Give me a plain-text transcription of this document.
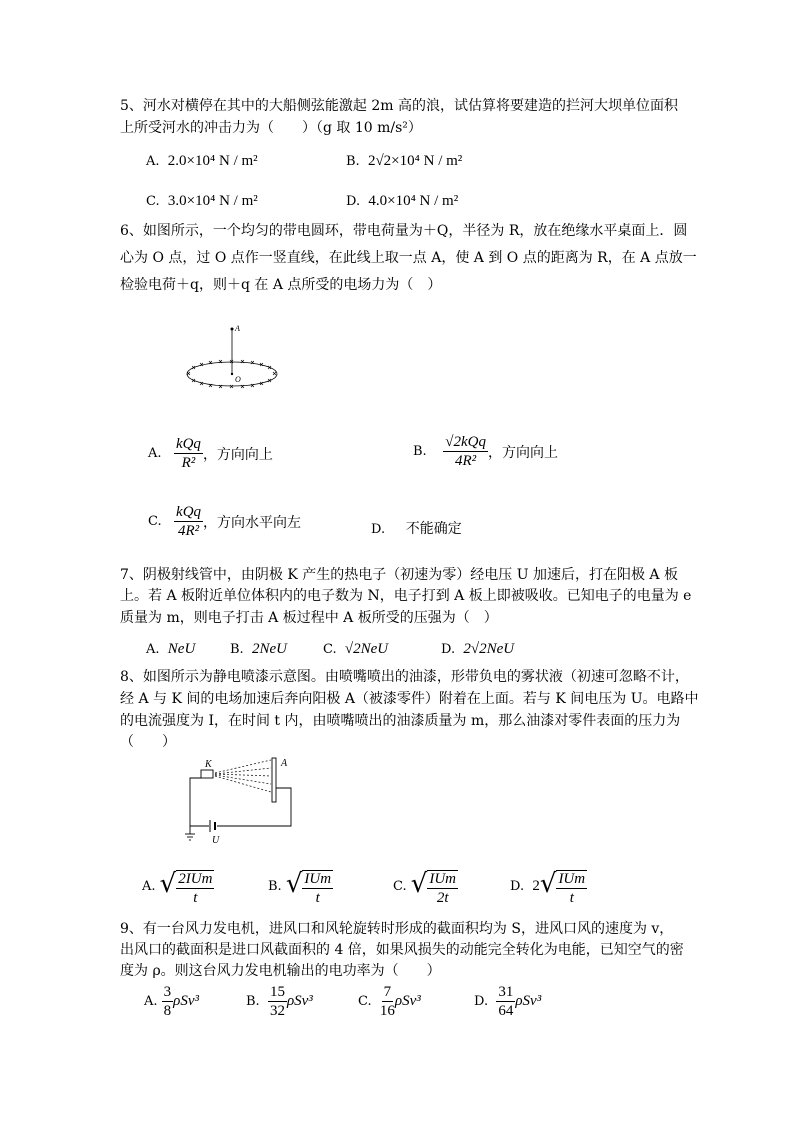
5、河水对横停在其中的大船侧弦能激起 2m 高的浪，试估算将要建造的拦河大坝单位面积
上所受河水的冲击力为（　　）（g 取 10 m/s²）
A. 2.0×10⁴ N / m²	B. 2√2×10⁴ N / m²
C. 3.0×10⁴ N / m²	D. 4.0×10⁴ N / m²
6、如图所示，一个均匀的带电圆环，带电荷量为＋Q，半径为 R，放在绝缘水平桌面上．圆
心为 O 点，过 O 点作一竖直线，在此线上取一点 A，使 A 到 O 点的距离为 R，在 A 点放一
检验电荷＋q，则＋q 在 A 点所受的电场力为（　）
A
O
A.
$\frac{\text{kQq}}{\text{R²}}$ ，方向向上	B.
$\frac{\text{√2kQq}}{\text{4R²}}$ ，方向向上
C.
$\frac{\text{kQq}}{\text{4R²}}$ ，方向水平向左	D. 不能确定
7、阴极射线管中，由阴极 K 产生的热电子（初速为零）经电压 U 加速后，打在阳极 A 板
上。若 A 板附近单位体积内的电子数为 N，电子打到 A 板上即被吸收。已知电子的电量为 e
质量为 m，则电子打击 A 板过程中 A 板所受的压强为（　）
A. NeU	B. 2NeU	C. √2NeU	D. 2√2NeU
8、如图所示为静电喷漆示意图。由喷嘴喷出的油漆，形带负电的雾状液（初速可忽略不计，
经 A 与 K 间的电场加速后奔向阳极 A（被漆零件）附着在上面。若与 K 间电压为 U。电路中
的电流强度为 I，在时间 t 内，由喷嘴喷出的油漆质量为 m，那么油漆对零件表面的压力为
（　　）
K	A
U
A.
√ $\frac{\text{2IUm}}{t}$	B.
√ $\frac{\text{IUm}}{t}$	C.
√ $\frac{\text{IUm}}{2t}$	D.
2 √ $\frac{\text{IUm}}{t}$
9、有一台风力发电机，进风口和风轮旋转时形成的截面积均为 S，进风口风的速度为 v，
出风口的截面积是进口风截面积的 4 倍，如果风损失的动能完全转化为电能，已知空气的密
度为 ρ。则这台风力发电机输出的电功率为（　　）
A.
$\frac{3}{8} \rho Sv^3$	B.
$\frac{15}{32} \rho Sv^3$	C.
$\frac{7}{16} \rho Sv^3$	D.
$\frac{31}{64} \rho Sv^3$
